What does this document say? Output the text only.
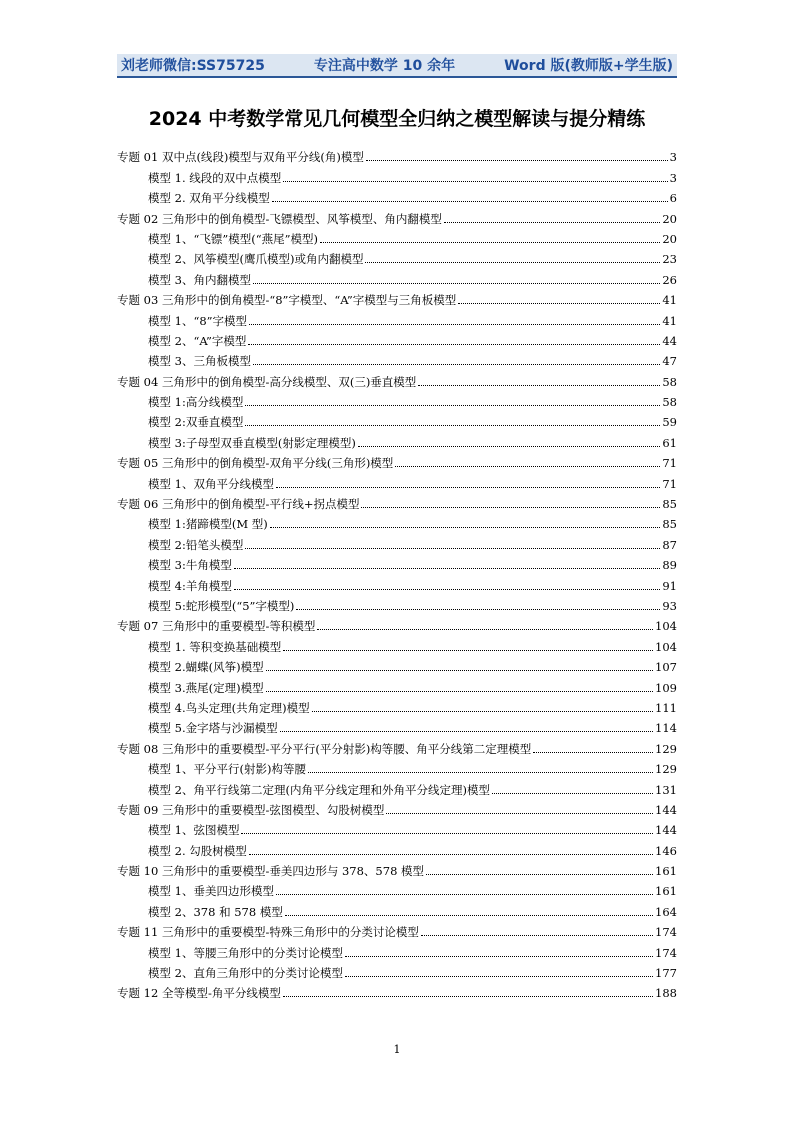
刘老师微信:SS75725	专注高中数学 10 余年	Word 版(教师版+学生版)
2024 中考数学常见几何模型全归纳之模型解读与提分精练
专题 01 双中点(线段)模型与双角平分线(角)模型	3
模型 1. 线段的双中点模型	3
模型 2. 双角平分线模型	6
专题 02 三角形中的倒角模型-飞镖模型、风筝模型、角内翻模型	20
模型 1、“飞镖”模型(“燕尾”模型)	20
模型 2、风筝模型(鹰爪模型)或角内翻模型	23
模型 3、角内翻模型	26
专题 03 三角形中的倒角模型-“8”字模型、“A”字模型与三角板模型	41
模型 1、“8”字模型	41
模型 2、“A”字模型	44
模型 3、三角板模型	47
专题 04 三角形中的倒角模型-高分线模型、双(三)垂直模型	58
模型 1:高分线模型	58
模型 2:双垂直模型	59
模型 3:子母型双垂直模型(射影定理模型)	61
专题 05 三角形中的倒角模型-双角平分线(三角形)模型	71
模型 1、双角平分线模型	71
专题 06 三角形中的倒角模型-平行线+拐点模型	85
模型 1:猪蹄模型(M 型)	85
模型 2:铅笔头模型	87
模型 3:牛角模型	89
模型 4:羊角模型	91
模型 5:蛇形模型(“5”字模型)	93
专题 07 三角形中的重要模型-等积模型	104
模型 1. 等积变换基础模型	104
模型 2.蝴蝶(风筝)模型	107
模型 3.燕尾(定理)模型	109
模型 4.鸟头定理(共角定理)模型	111
模型 5.金字塔与沙漏模型	114
专题 08 三角形中的重要模型-平分平行(平分射影)构等腰、角平分线第二定理模型	129
模型 1、平分平行(射影)构等腰	129
模型 2、角平行线第二定理(内角平分线定理和外角平分线定理)模型	131
专题 09 三角形中的重要模型-弦图模型、勾股树模型	144
模型 1、弦图模型	144
模型 2. 勾股树模型	146
专题 10 三角形中的重要模型-垂美四边形与 378、578 模型	161
模型 1、垂美四边形模型	161
模型 2、378 和 578 模型	164
专题 11 三角形中的重要模型-特殊三角形中的分类讨论模型	174
模型 1、等腰三角形中的分类讨论模型	174
模型 2、直角三角形中的分类讨论模型	177
专题 12 全等模型-角平分线模型	188
1
